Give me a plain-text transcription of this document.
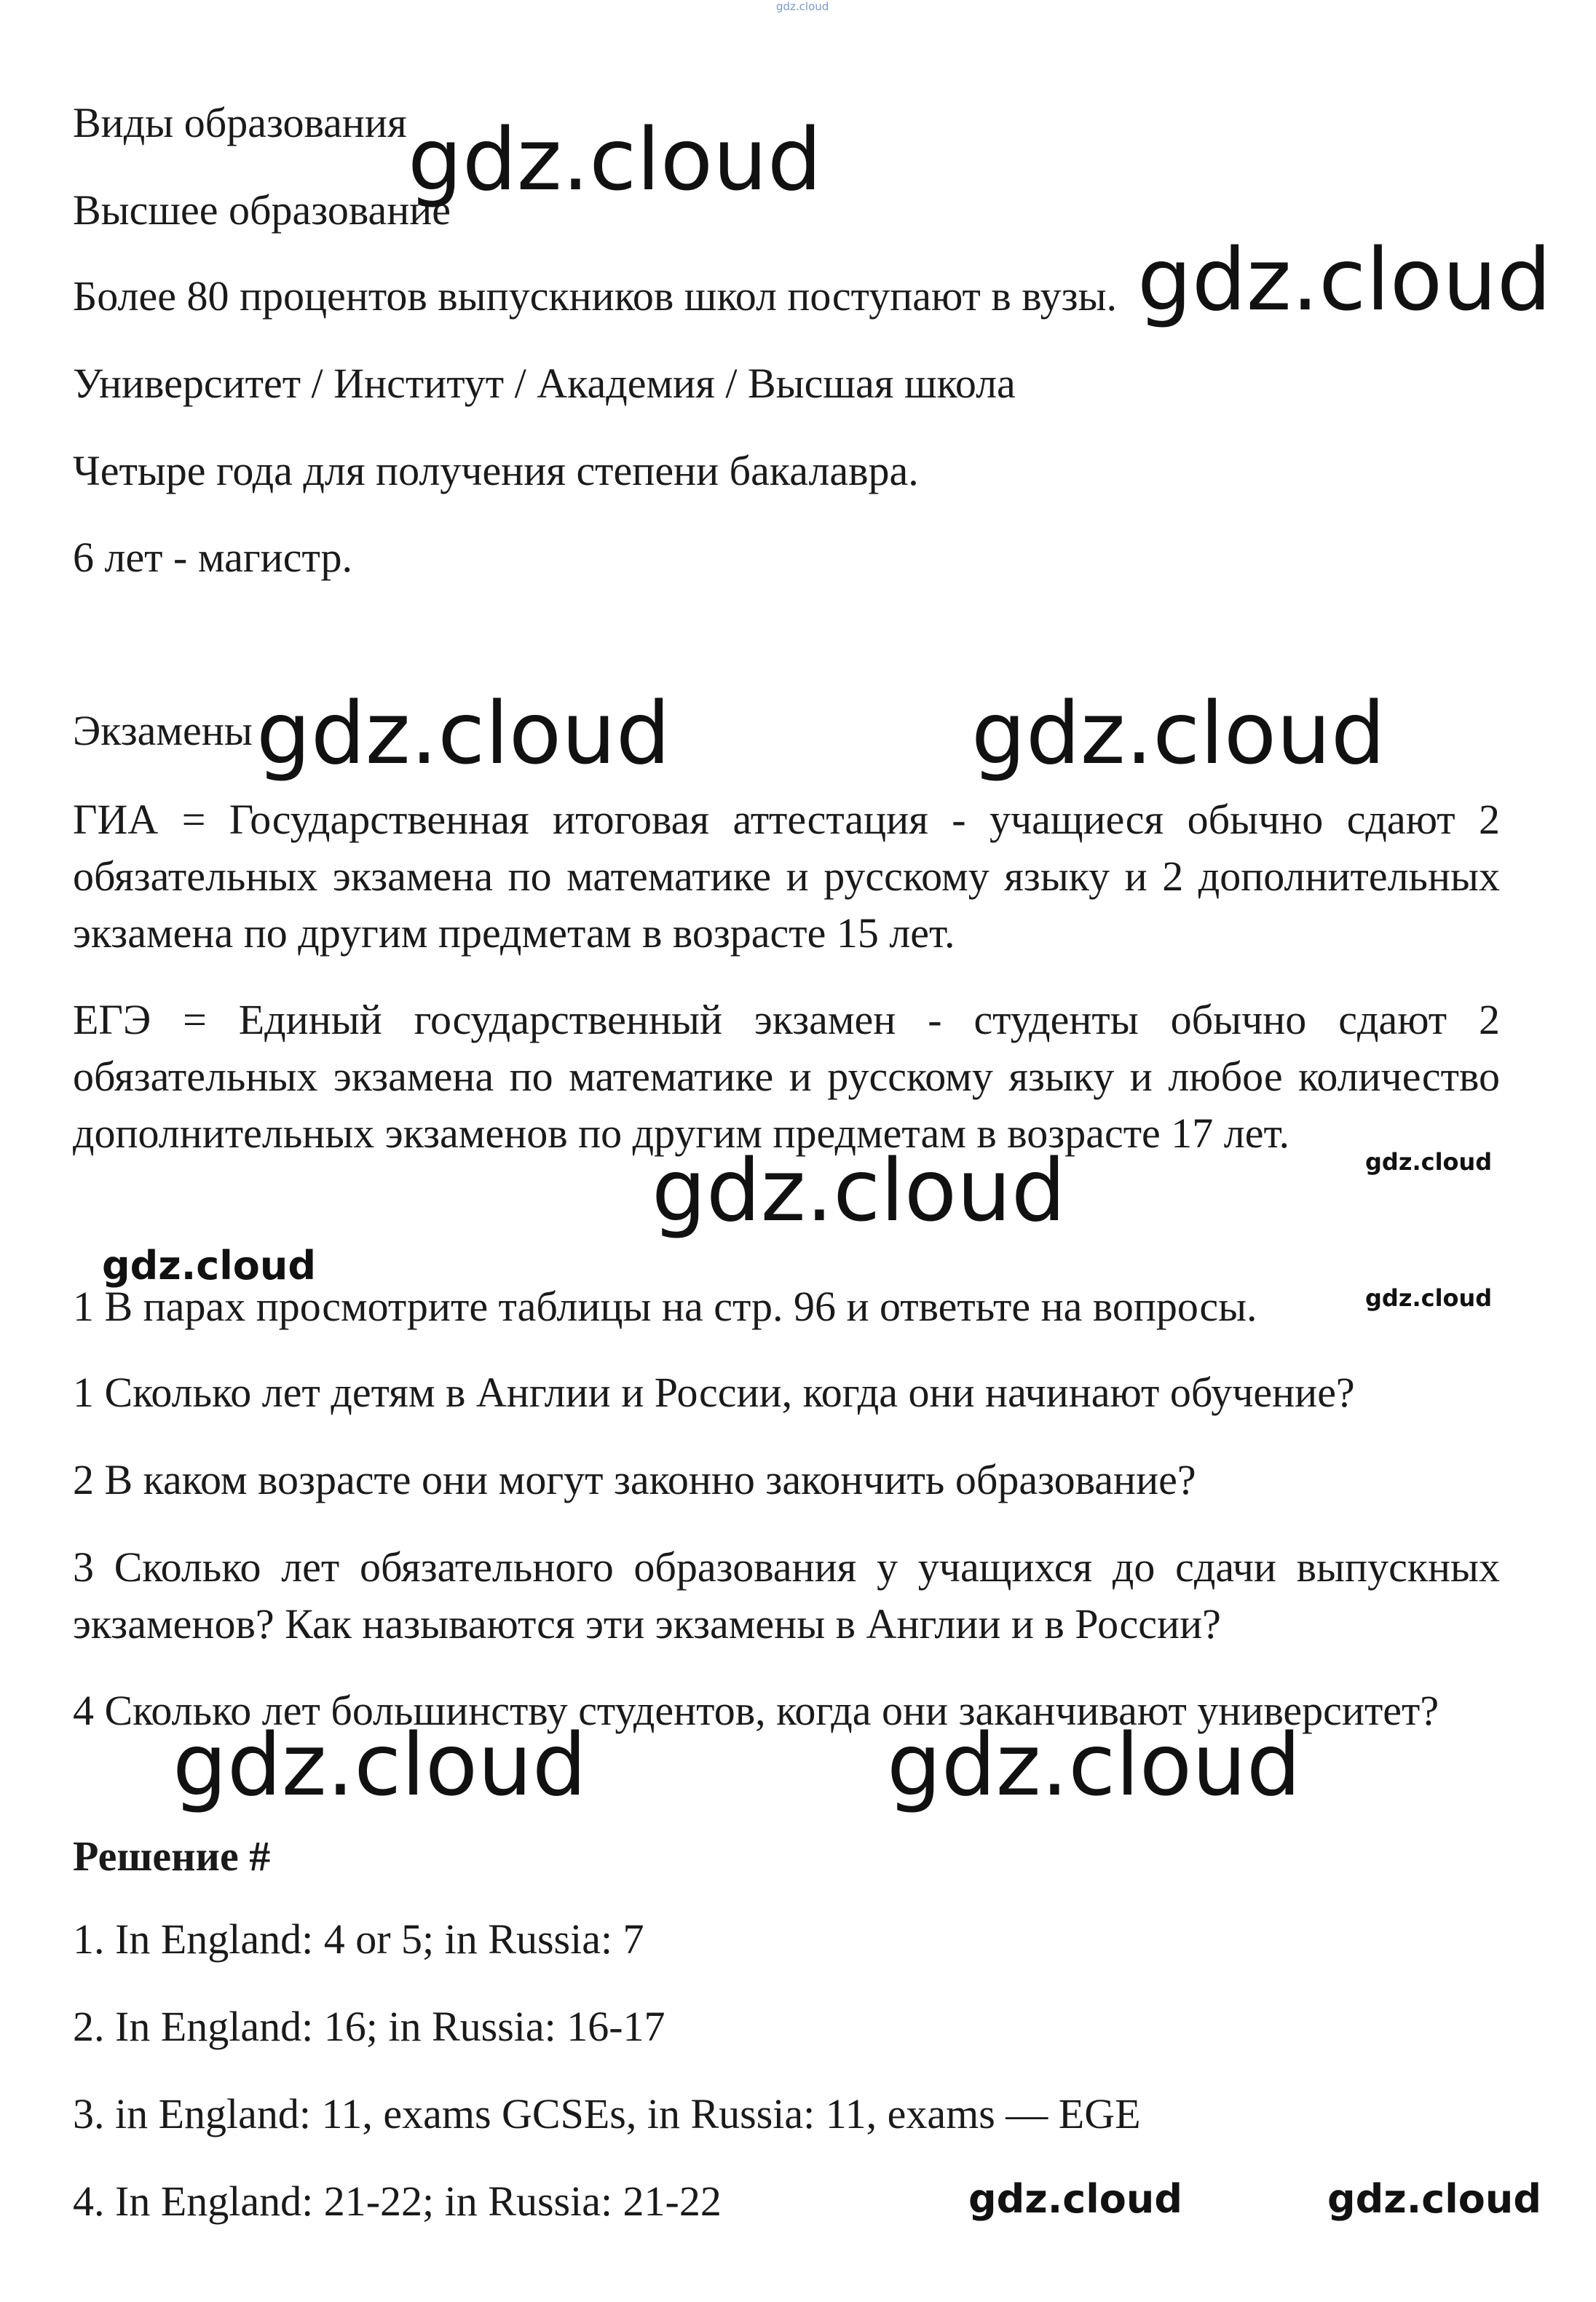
gdz.cloud

Виды образования

Высшее образование

Более 80 процентов выпускников школ поступают в вузы.

Университет / Институт / Академия / Высшая школа

Четыре года для получения степени бакалавра.

6 лет - магистр.

Экзамены

ГИА = Государственная итоговая аттестация - учащиеся обычно сдают 2 обязательных экзамена по математике и русскому языку и 2 дополнительных экзамена по другим предметам в возрасте 15 лет.

ЕГЭ = Единый государственный экзамен - студенты обычно сдают 2 обязательных экзамена по математике и русскому языку и любое количество дополнительных экзаменов по другим предметам в возрасте 17 лет.

1 В парах просмотрите таблицы на стр. 96 и ответьте на вопросы.

1 Сколько лет детям в Англии и России, когда они начинают обучение?

2 В каком возрасте они могут законно закончить образование?

3 Сколько лет обязательного образования у учащихся до сдачи выпускных экзаменов? Как называются эти экзамены в Англии и в России?

4 Сколько лет большинству студентов, когда они заканчивают университет?

Решение #

1. In England: 4 or 5; in Russia: 7

2. In England: 16; in Russia: 16-17

3. in England: 11, exams GCSEs, in Russia: 11, exams — EGE

4. In England: 21-22; in Russia: 21-22

gdz.cloud
gdz.cloud
gdz.cloud	gdz.cloud
gdz.cloud	gdz.cloud
gdz.cloud
gdz.cloud
gdz.cloud	gdz.cloud
gdz.cloud	gdz.cloud
